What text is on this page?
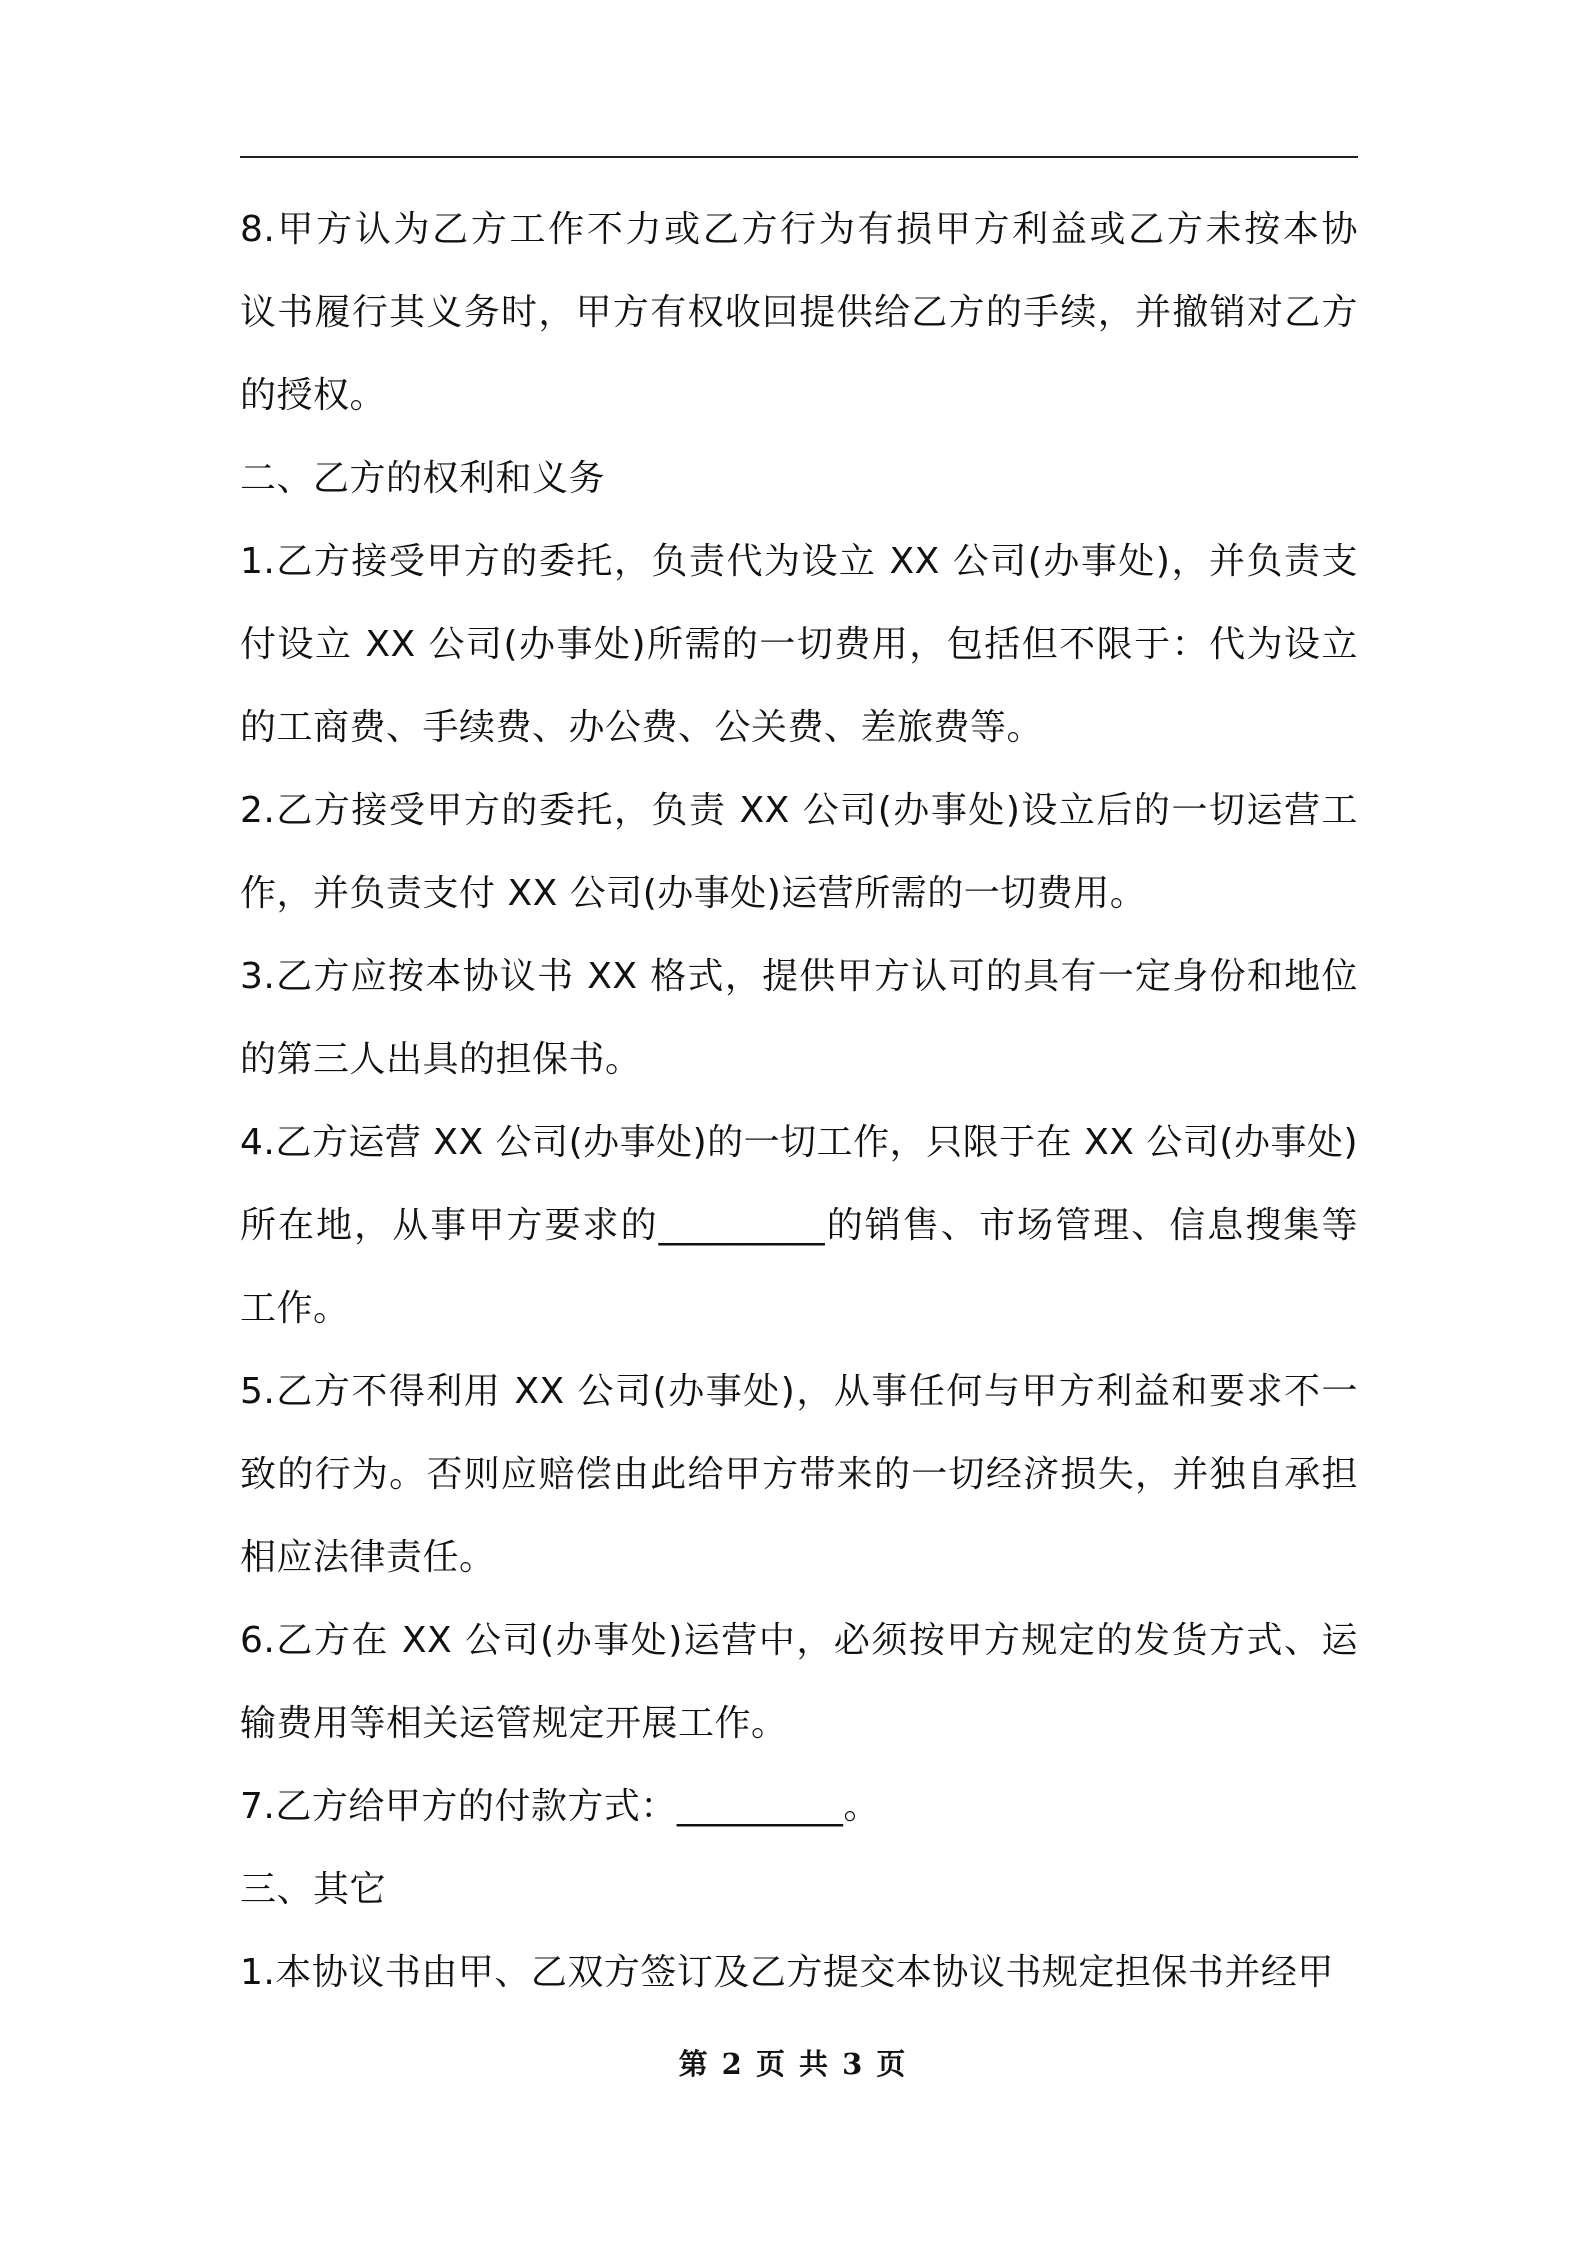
8.甲方认为乙方工作不力或乙方行为有损甲方利益或乙方未按本协
议书履行其义务时，甲方有权收回提供给乙方的手续，并撤销对乙方
的授权。
二、乙方的权利和义务
1.乙方接受甲方的委托，负责代为设立 XX 公司(办事处)，并负责支
付设立 XX 公司(办事处)所需的一切费用，包括但不限于：代为设立
的工商费、手续费、办公费、公关费、差旅费等。
2.乙方接受甲方的委托，负责 XX 公司(办事处)设立后的一切运营工
作，并负责支付 XX 公司(办事处)运营所需的一切费用。
3.乙方应按本协议书 XX 格式，提供甲方认可的具有一定身份和地位
的第三人出具的担保书。
4.乙方运营 XX 公司(办事处)的一切工作，只限于在 XX 公司(办事处)
所在地，从事甲方要求的_________的销售、市场管理、信息搜集等
工作。
5.乙方不得利用 XX 公司(办事处)，从事任何与甲方利益和要求不一
致的行为。否则应赔偿由此给甲方带来的一切经济损失，并独自承担
相应法律责任。
6.乙方在 XX 公司(办事处)运营中，必须按甲方规定的发货方式、运
输费用等相关运管规定开展工作。
7.乙方给甲方的付款方式：_________。
三、其它
1.本协议书由甲、乙双方签订及乙方提交本协议书规定担保书并经甲
第 2 页 共 3 页
